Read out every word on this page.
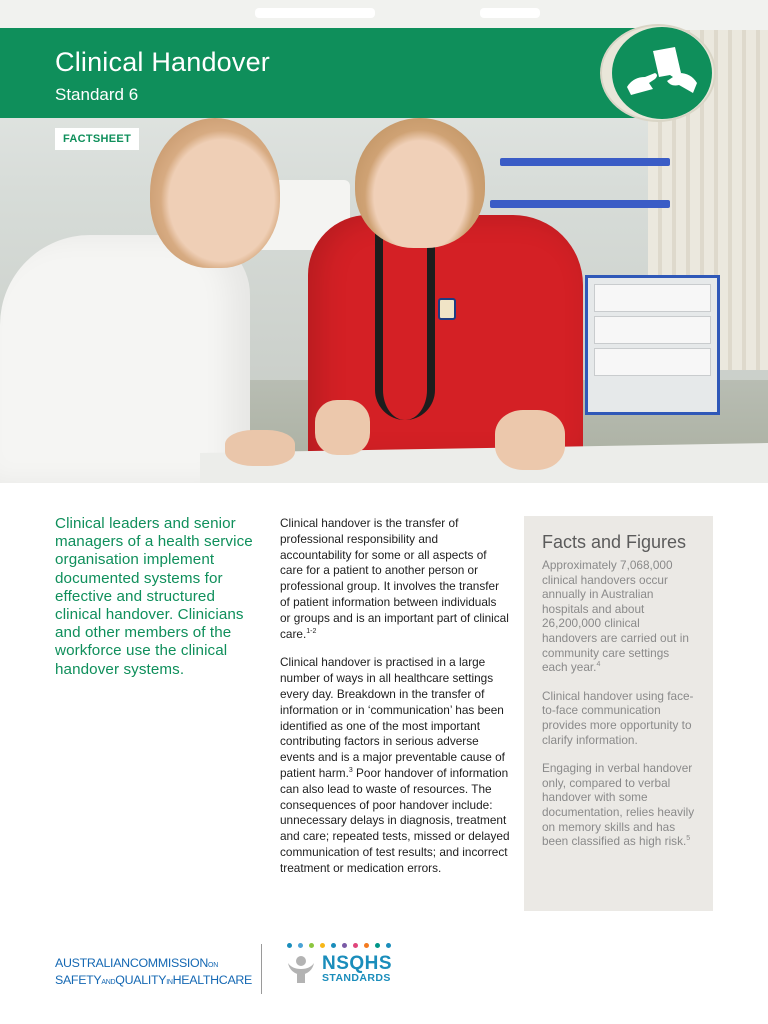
Clinical Handover
Standard 6
FACTSHEET

Clinical leaders and senior managers of a health service organisation implement documented systems for effective and structured clinical handover. Clinicians and other members of the workforce use the clinical handover systems.

Clinical handover is the transfer of professional responsibility and accountability for some or all aspects of care for a patient to another person or professional group. It involves the transfer of patient information between individuals or groups and is an important part of clinical care.$^{1-2}$

Clinical handover is practised in a large number of ways in all healthcare settings every day. Breakdown in the transfer of information or in ‘communication’ has been identified as one of the most important contributing factors in serious adverse events and is a major preventable cause of patient harm.$^3$ Poor handover of information can also lead to waste of resources. The consequences of poor handover include: unnecessary delays in diagnosis, treatment and care; repeated tests, missed or delayed communication of test results; and incorrect treatment or medication errors.

Facts and Figures

Approximately 7,068,000 clinical handovers occur annually in Australian hospitals and about 26,200,000 clinical handovers are carried out in community care settings each year.$^4$

Clinical handover using face-to-face communication provides more opportunity to clarify information.

Engaging in verbal handover only, compared to verbal handover with some documentation, relies heavily on memory skills and has been classified as high risk.$^5$

AUSTRALIANCOMMISSIONON
SAFETYANDQUALITYINHEALTHCARE
NSQHS
STANDARDS
